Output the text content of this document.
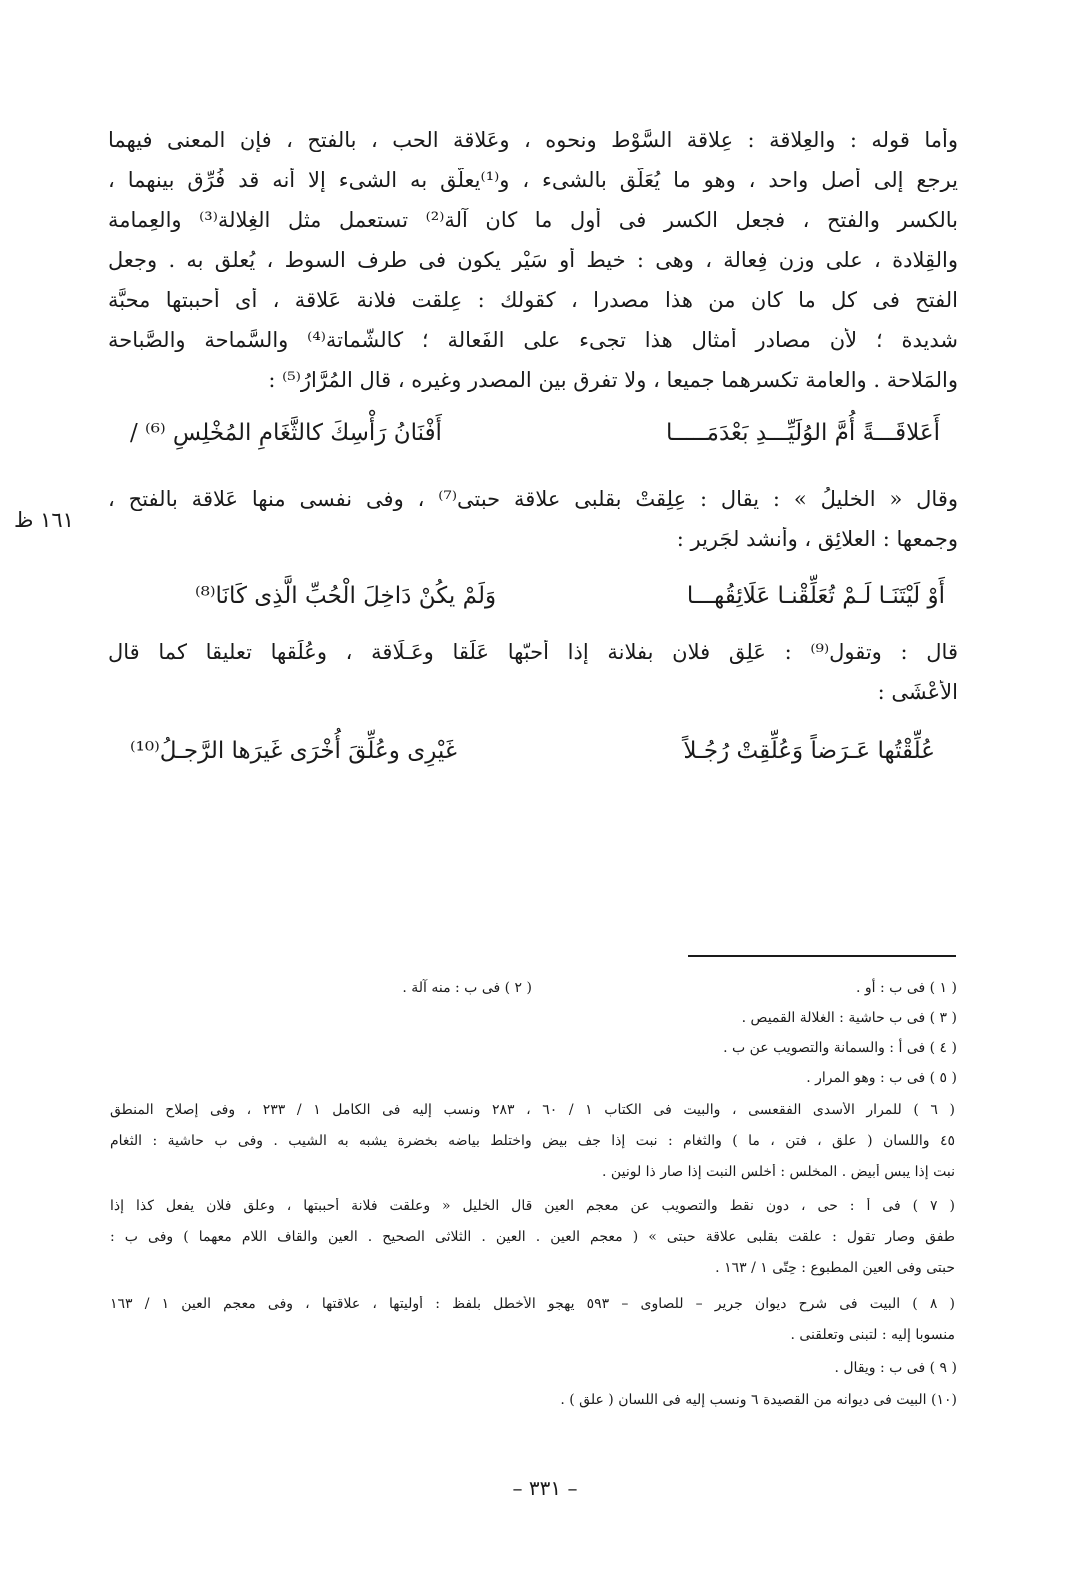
وأما قوله : والعِلاقة : عِلاقة السَّوْط ونحوه ، وعَلاقة الحب ، بالفتح ، فإن المعنى فيهما
يرجع إلى أصل واحد ، وهو ما يُعَلّق بالشىء ، و⁽¹⁾يعلّق به الشىء إلا أنه قد فُرِّق بينهما ،
بالكسر والفتح ، فجعل الكسر فى أول ما كان آلة⁽²⁾ تستعمل مثل الغِلالة⁽³⁾ والعِمامة
والقِلادة ، على وزن فِعالة ، وهى : خيط أو سَيْر يكون فى طرف السوط ، يُعلق به . وجعل
الفتح فى كل ما كان من هذا مصدرا ، كقولك : عِلقت فلانة عَلاقة ، أى أحببتها محبَّة
شديدة ؛ لأن مصادر أمثال هذا تجىء على الفَعالة ؛ كالشَّماتة⁽⁴⁾ والسَّماحة والصَّباحة
والمَلاحة . والعامة تكسرهما جميعا ، ولا تفرق بين المصدر وغيره ، قال المُرَّارُ⁽⁵⁾ :
أَعَلاقَـــةً أُمَّ الوُلَيِّـــدِ بَعْدَمَـــــا
أَفْنَانُ رَأْسِكَ كالثَّغَامِ المُخْلِسِ ⁽⁶⁾ /
١٦١ ظ
وقال « الخليلُ » : يقال : عِلِقتْ بقلبى علاقة حبتى⁽⁷⁾ ، وفى نفسى منها عَلاقة بالفتح ،
وجمعها : العلائِق ، وأنشد لجَرِيرٍ :
أَوْ لَيْتَنَـا لَـمْ تُعَلِّقْنـا عَلَائِقُهـــا
وَلَمْ يكُنْ دَاخِلَ الْحُبِّ الَّذِى كَانَا⁽⁸⁾
قال : وتقول⁽⁹⁾ : عَلِق فلان بفلانة إذا أحبّها عَلَقا وعَـلَاقة ، وعُلِّقها تعليقا كما قال
الأَعْشَى :
عُلِّقْتُها عَـرَضاً وَعُلِّقِتْ رُجُـلاً
غَيْرِى وعُلِّقَ أُخْرَى غَيرَها الرَّجـلُ⁽¹⁰⁾
( ١ ) فى ب : أو .
( ٢ ) فى ب : منه آلة .
( ٣ ) فى ب حاشية : الغلالة القميص .
( ٤ ) فى أ : والسمانة والتصويب عن ب .
( ٥ ) فى ب : وهو المرار .
( ٦ ) للمرار الأسدى الفقعسى ، والبيت فى الكتاب ١ / ٦٠ ، ٢٨٣ ونسب إليه فى الكامل ١ / ٢٣٣ ، وفى إصلاح المنطق
٤٥ واللسان ( علق ، فتن ، ما ) والثغام : نبت إذا جف بيض واختلط بياضه بخضرة يشبه به الشيب . وفى ب حاشية : الثغام
نبت إذا يبس أبيض . المخلس : أخلس النبت إذا صار ذا لونين .
( ٧ ) فى أ : حى ، دون نقط والتصويب عن معجم العين قال الخليل « وعلقت فلانة أحببتها ، وعلق فلان يفعل كذا إذا
طفق وصار تقول : علقت بقلبى علاقة حبتى » ( معجم العين . العين . الثلاثى الصحيح . العين والقاف اللام معهما ) وفى ب :
حبتى وفى العين المطبوع : حِتّى ١ / ١٦٣ .
( ٨ ) البيت فى شرح ديوان جرير – للصاوى – ٥٩٣ يهجو الأخطل بلفظ : أوليتها ، علاقتها ، وفى معجم العين ١ / ١٦٣
منسوبا إليه : لتبنى وتعلقنى .
( ٩ ) فى ب : ويقال .
(١٠) البيت فى ديوانه من القصيدة ٦ ونسب إليه فى اللسان ( علق ) .
– ٣٣١ –
